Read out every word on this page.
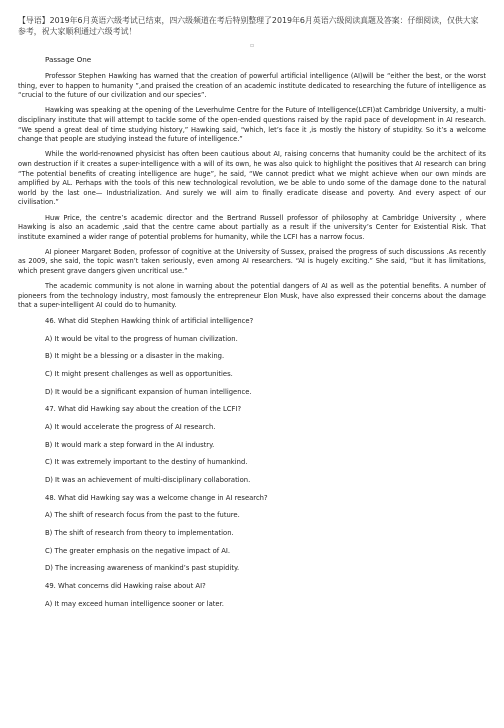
【导语】2019年6月英语六级考试已结束，四六级频道在考后特别整理了2019年6月英语六级阅读真题及答案：仔细阅读，仅供大家参考，祝大家顺利通过六级考试！

▫

Passage One

Professor Stephen Hawking has warned that the creation of powerful artificial intelligence (AI)will be “either the best, or the worst thing, ever to happen to humanity ”,and praised the creation of an academic institute dedicated to researching the future of intelligence as “crucial to the future of our civilization and our species”.

Hawking was speaking at the opening of the Leverhulme Centre for the Future of Intelligence(LCFI)at Cambridge University, a multi-disciplinary institute that will attempt to tackle some of the open-ended questions raised by the rapid pace of development in AI research. “We spend a great deal of time studying history,” Hawking said, “which, let’s face it ,is mostly the history of stupidity. So it’s a welcome change that people are studying instead the future of intelligence.”

While the world-renowned physicist has often been cautious about AI, raising concerns that humanity could be the architect of its own destruction if it creates a super-intelligence with a will of its own, he was also quick to highlight the positives that AI research can bring “The potential benefits of creating intelligence are huge”, he said, “We cannot predict what we might achieve when our own minds are amplified by AL. Perhaps with the tools of this new technological revolution, we be able to undo some of the damage done to the natural world by the last one— Industrialization. And surely we will aim to finally eradicate disease and poverty. And every aspect of our civilisation.”

Huw Price, the centre’s academic director and the Bertrand Russell professor of philosophy at Cambridge University , where Hawking is also an academic ,said that the centre came about partially as a result if the university’s Center for Existential Risk. That institute examined a wider range of potential problems for humanity, while the LCFI has a narrow focus.

AI pioneer Margaret Boden, professor of cognitive at the University of Sussex, praised the progress of such discussions .As recently as 2009, she said, the topic wasn’t taken seriously, even among AI researchers. “AI is hugely exciting.” She said, “but it has limitations, which present grave dangers given uncritical use.”

The academic community is not alone in warning about the potential dangers of AI as well as the potential benefits. A number of pioneers from the technology industry, most famously the entrepreneur Elon Musk, have also expressed their concerns about the damage that a super-intelligent AI could do to humanity.

46. What did Stephen Hawking think of artificial intelligence?

A) It would be vital to the progress of human civilization.

B) It might be a blessing or a disaster in the making.

C) It might present challenges as well as opportunities.

D) It would be a significant expansion of human intelligence.

47. What did Hawking say about the creation of the LCFI?

A) It would accelerate the progress of AI research.

B) It would mark a step forward in the AI industry.

C) It was extremely important to the destiny of humankind.

D) It was an achievement of multi-disciplinary collaboration.

48. What did Hawking say was a welcome change in AI research?

A) The shift of research focus from the past to the future.

B) The shift of research from theory to implementation.

C) The greater emphasis on the negative impact of AI.

D) The increasing awareness of mankind’s past stupidity.

49. What concerns did Hawking raise about AI?

A) It may exceed human intelligence sooner or later.
